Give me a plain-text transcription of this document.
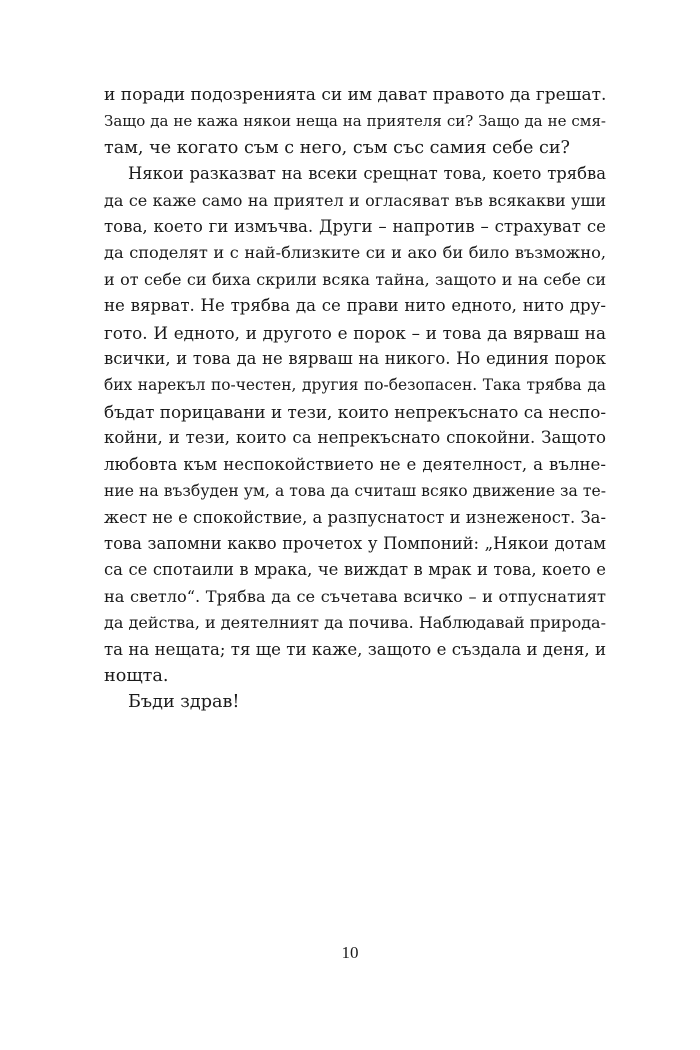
и поради подозренията си им дават правото да грешат.
Защо да не кажа някои неща на приятеля си? Защо да не смя-
там, че когато съм с него, съм със самия себе си?
Някои разказват на всеки срещнат това, което трябва
да се каже само на приятел и огласяват във всякакви уши
това, което ги измъчва. Други – напротив – страхуват се
да споделят и с най-близките си и ако би било възможно,
и от себе си биха скрили всяка тайна, защото и на себе си
не вярват. Не трябва да се прави нито едното, нито дру-
гото. И едното, и другото е порок – и това да вярваш на
всички, и това да не вярваш на никого. Но единия порок
бих нарекъл по-честен, другия по-безопасен. Така трябва да
бъдат порицавани и тези, които непрекъснато са неспо-
койни, и тези, които са непрекъснато спокойни. Защото
любовта към неспокойствието не е деятелност, а вълне-
ние на възбуден ум, а това да считаш всяко движение за те-
жест не е спокойствие, а разпуснатост и изнеженост. За-
това запомни какво прочетох у Помпоний: „Някои дотам
са се спотаили в мрака, че виждат в мрак и това, което е
на светло“. Трябва да се съчетава всичко – и отпуснатият
да действа, и деятелният да почива. Наблюдавай природа-
та на нещата; тя ще ти каже, защото е създала и деня, и
нощта.
Бъди здрав!
10
